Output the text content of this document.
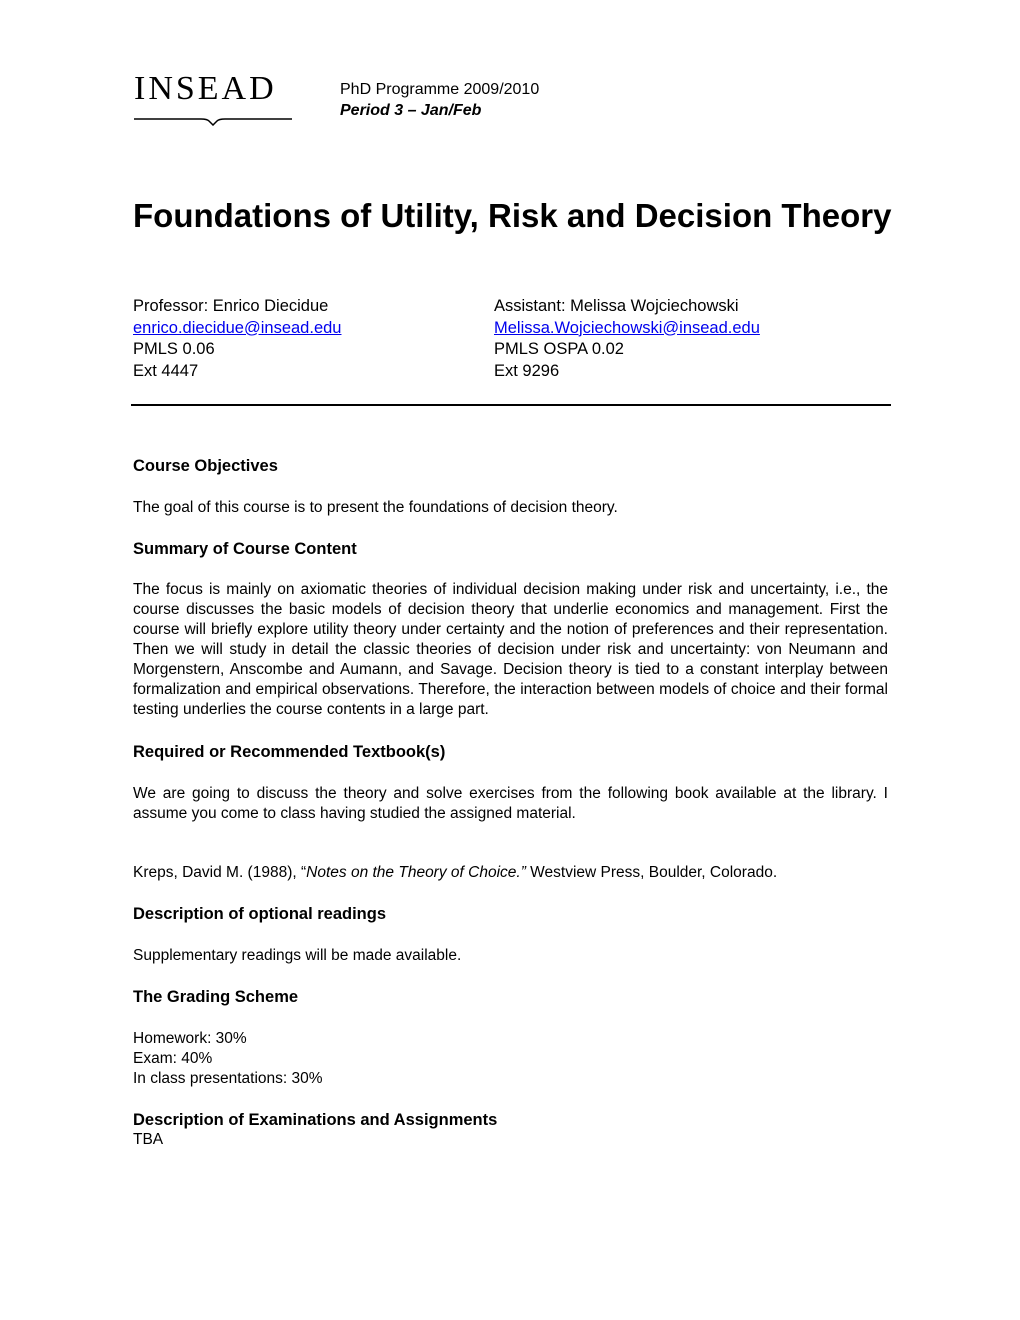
INSEAD	PhD Programme 2009/2010
Period 3 – Jan/Feb
Foundations of Utility, Risk and Decision Theory
Professor: Enrico Diecidue
enrico.diecidue@insead.edu
PMLS 0.06
Ext 4447
Assistant: Melissa Wojciechowski
Melissa.Wojciechowski@insead.edu
PMLS OSPA 0.02
Ext 9296
Course Objectives

The goal of this course is to present the foundations of decision theory.

Summary of Course Content

The focus is mainly on axiomatic theories of individual decision making under risk and uncertainty, i.e., the course discusses the basic models of decision theory that underlie economics and management. First the course will briefly explore utility theory under certainty and the notion of preferences and their representation. Then we will study in detail the classic theories of decision under risk and uncertainty: von Neumann and Morgenstern, Anscombe and Aumann, and Savage. Decision theory is tied to a constant interplay between formalization and empirical observations. Therefore, the interaction between models of choice and their formal testing underlies the course contents in a large part.

Required or Recommended Textbook(s)

We are going to discuss the theory and solve exercises from the following book available at the library. I assume you come to class having studied the assigned material.

Kreps, David M. (1988), “Notes on the Theory of Choice.” Westview Press, Boulder, Colorado.

Description of optional readings

Supplementary readings will be made available.

The Grading Scheme
Homework: 30%
Exam: 40%
In class presentations: 30%
Description of Examinations and Assignments

TBA
